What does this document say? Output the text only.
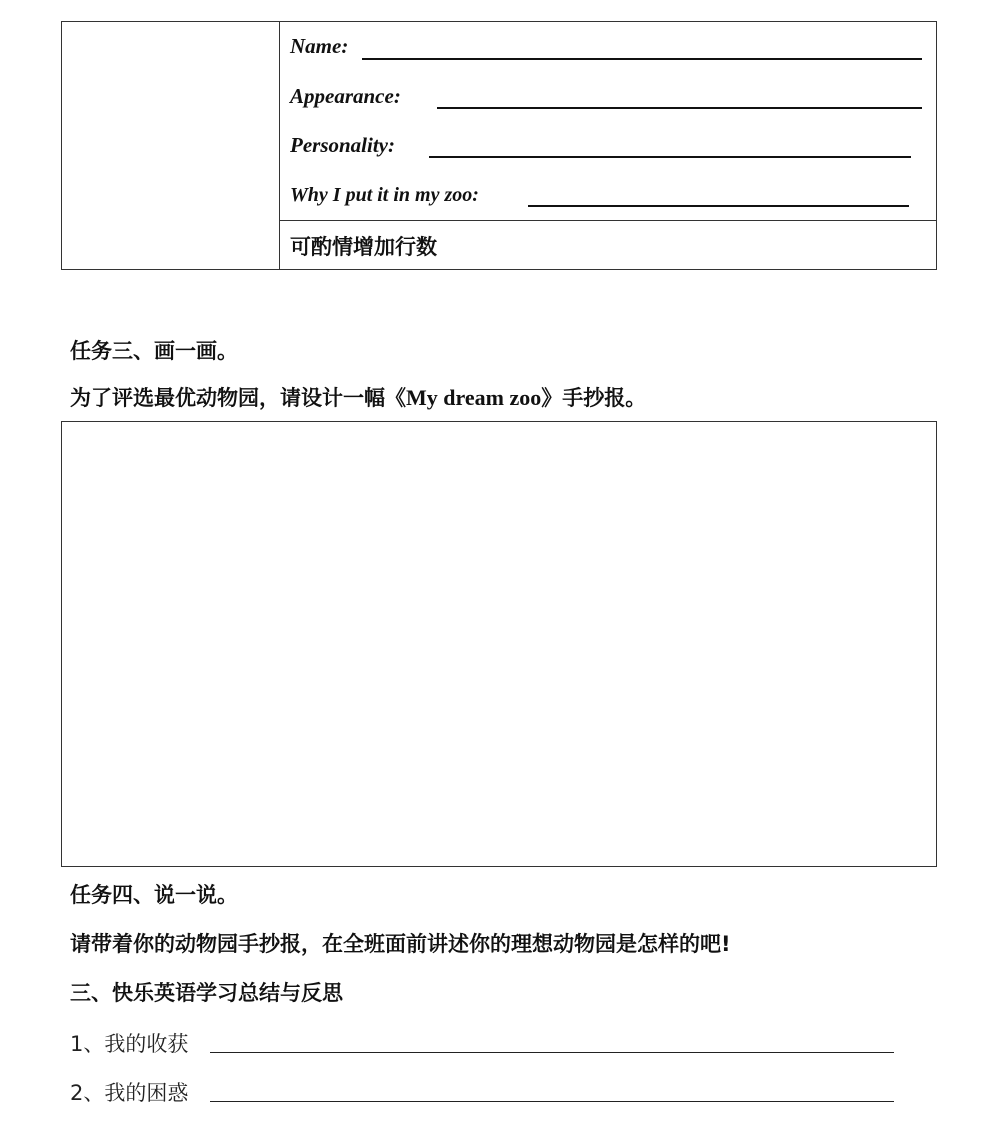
Name:
Appearance:
Personality:
Why I put it in my zoo:
可酌情增加行数
任务三、画一画。
为了评选最优动物园，请设计一幅《My dream zoo》手抄报。
任务四、说一说。
请带着你的动物园手抄报，在全班面前讲述你的理想动物园是怎样的吧!
三、快乐英语学习总结与反思
1、我的收获
2、我的困惑
